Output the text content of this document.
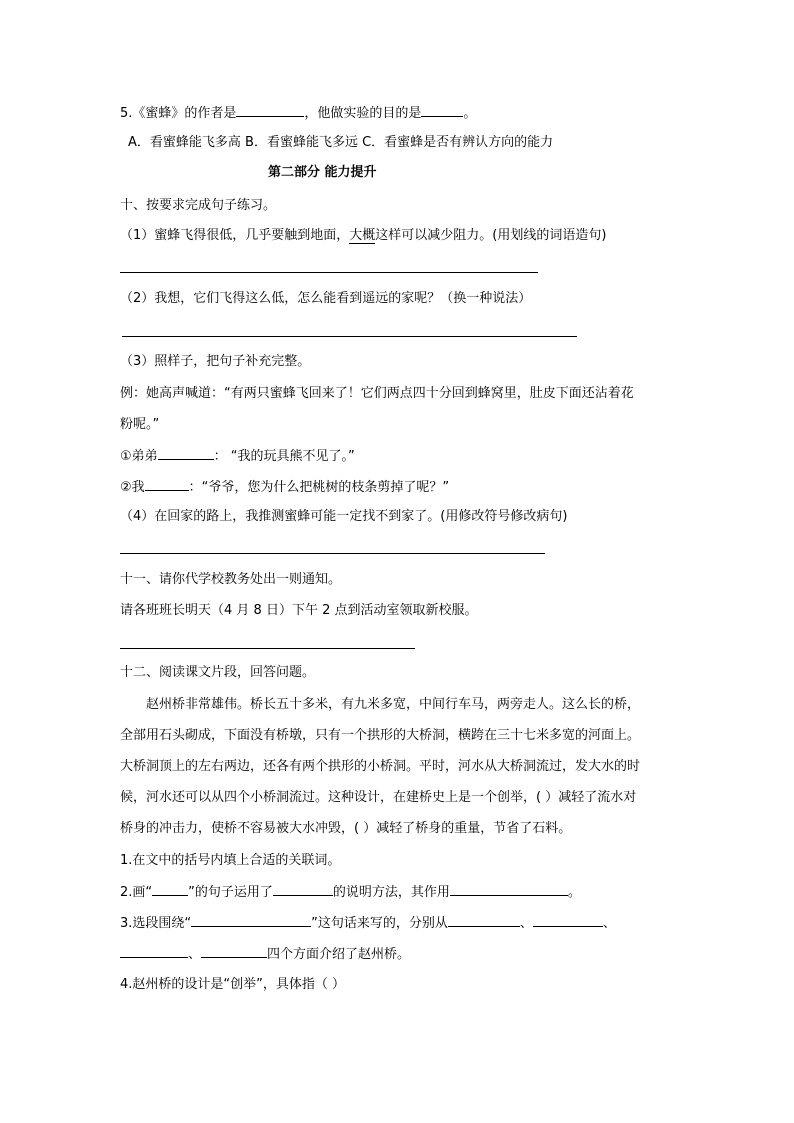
5.《蜜蜂》的作者是	，他做实验的目的是	。
A．看蜜蜂能飞多高 B．看蜜蜂能飞多远 C．看蜜蜂是否有辨认方向的能力
第二部分 能力提升
十、按要求完成句子练习。
（1）蜜蜂飞得很低，几乎要触到地面，大概这样可以减少阻力。(用划线的词语造句)
（2）我想，它们飞得这么低，怎么能看到遥远的家呢？（换一种说法）
（3）照样子，把句子补充完整。
例：她高声喊道：“有两只蜜蜂飞回来了！它们两点四十分回到蜂窝里，肚皮下面还沾着花
粉呢。”
①弟弟	： “我的玩具熊不见了。”
②我	：“爷爷，您为什么把桃树的枝条剪掉了呢？”
（4）在回家的路上，我推测蜜蜂可能一定找不到家了。(用修改符号修改病句)
十一、请你代学校教务处出一则通知。
请各班班长明天（4 月 8 日）下午 2 点到活动室领取新校服。
十二、阅读课文片段，回答问题。
赵州桥非常雄伟。桥长五十多米，有九米多宽，中间行车马，两旁走人。这么长的桥，
全部用石头砌成，下面没有桥墩，只有一个拱形的大桥洞，横跨在三十七米多宽的河面上。
大桥洞顶上的左右两边，还各有两个拱形的小桥洞。平时，河水从大桥洞流过，发大水的时
候，河水还可以从四个小桥洞流过。这种设计，在建桥史上是一个创举，( ）减轻了流水对
桥身的冲击力，使桥不容易被大水冲毁，( ）减轻了桥身的重量，节省了石料。
1.在文中的括号内填上合适的关联词。
2.画“	”的句子运用了	的说明方法，其作用	。
3.选段围绕“	”这句话来写的，分别从	、	、
、	四个方面介绍了赵州桥。
4.赵州桥的设计是“创举”，具体指（ ）
